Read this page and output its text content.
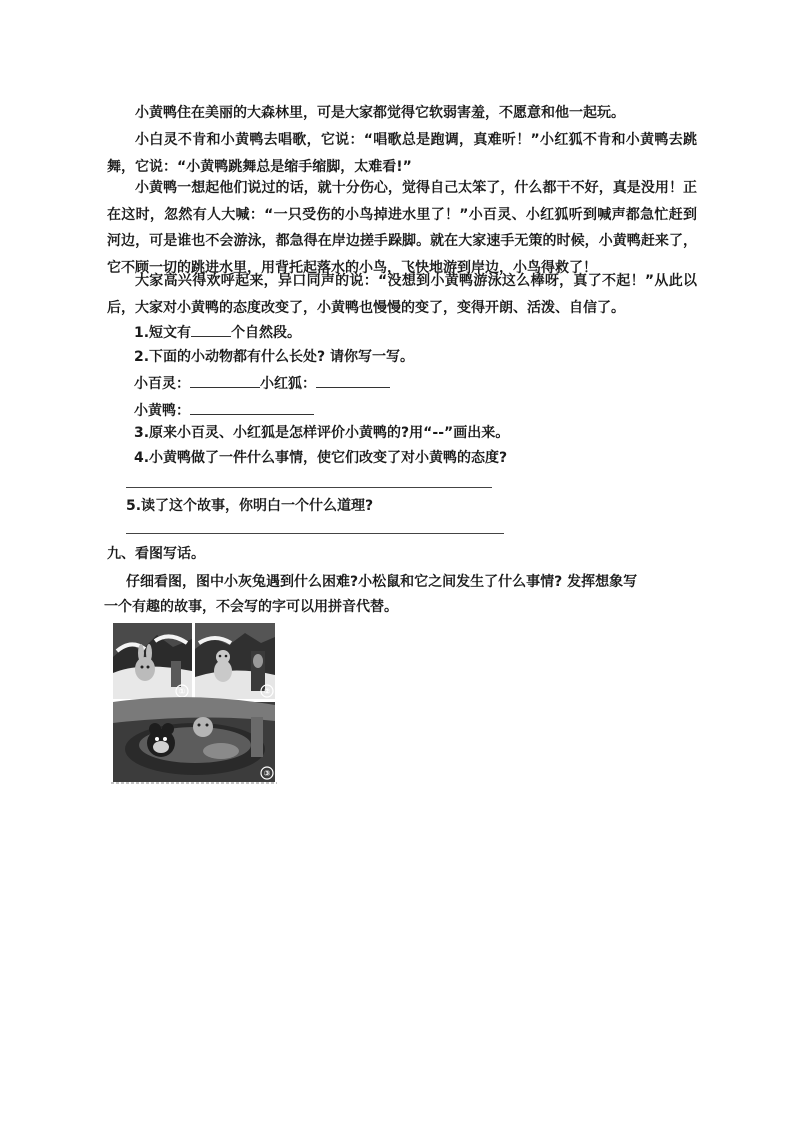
小黄鸭住在美丽的大森林里，可是大家都觉得它软弱害羞，不愿意和他一起玩。

小白灵不肯和小黄鸭去唱歌，它说：“唱歌总是跑调，真难听！”小红狐不肯和小黄鸭去跳舞，它说：“小黄鸭跳舞总是缩手缩脚，太难看!”

小黄鸭一想起他们说过的话，就十分伤心，觉得自己太笨了，什么都干不好，真是没用！正在这时，忽然有人大喊：“一只受伤的小鸟掉进水里了！”小百灵、小红狐听到喊声都急忙赶到河边，可是谁也不会游泳，都急得在岸边搓手跺脚。就在大家速手无策的时候，小黄鸭赶来了，它不顾一切的跳进水里，用背托起落水的小鸟，飞快地游到岸边，小鸟得救了！

大家高兴得欢呼起来，异口同声的说：“没想到小黄鸭游泳这么棒呀，真了不起！”从此以后，大家对小黄鸭的态度改变了，小黄鸭也慢慢的变了，变得开朗、活泼、自信了。

1.短文有	个自然段。
2.下面的小动物都有什么长处? 请你写一写。
小百灵：	小红狐：
小黄鸭：
3.原来小百灵、小红狐是怎样评价小黄鸭的?用“--”画出来。
4.小黄鸭做了一件什么事情，使它们改变了对小黄鸭的态度?
5.读了这个故事，你明白一个什么道理?
九、看图写话。
仔细看图，图中小灰兔遇到什么困难?小松鼠和它之间发生了什么事情? 发挥想象写
一个有趣的故事，不会写的字可以用拼音代替。
①	②
③
